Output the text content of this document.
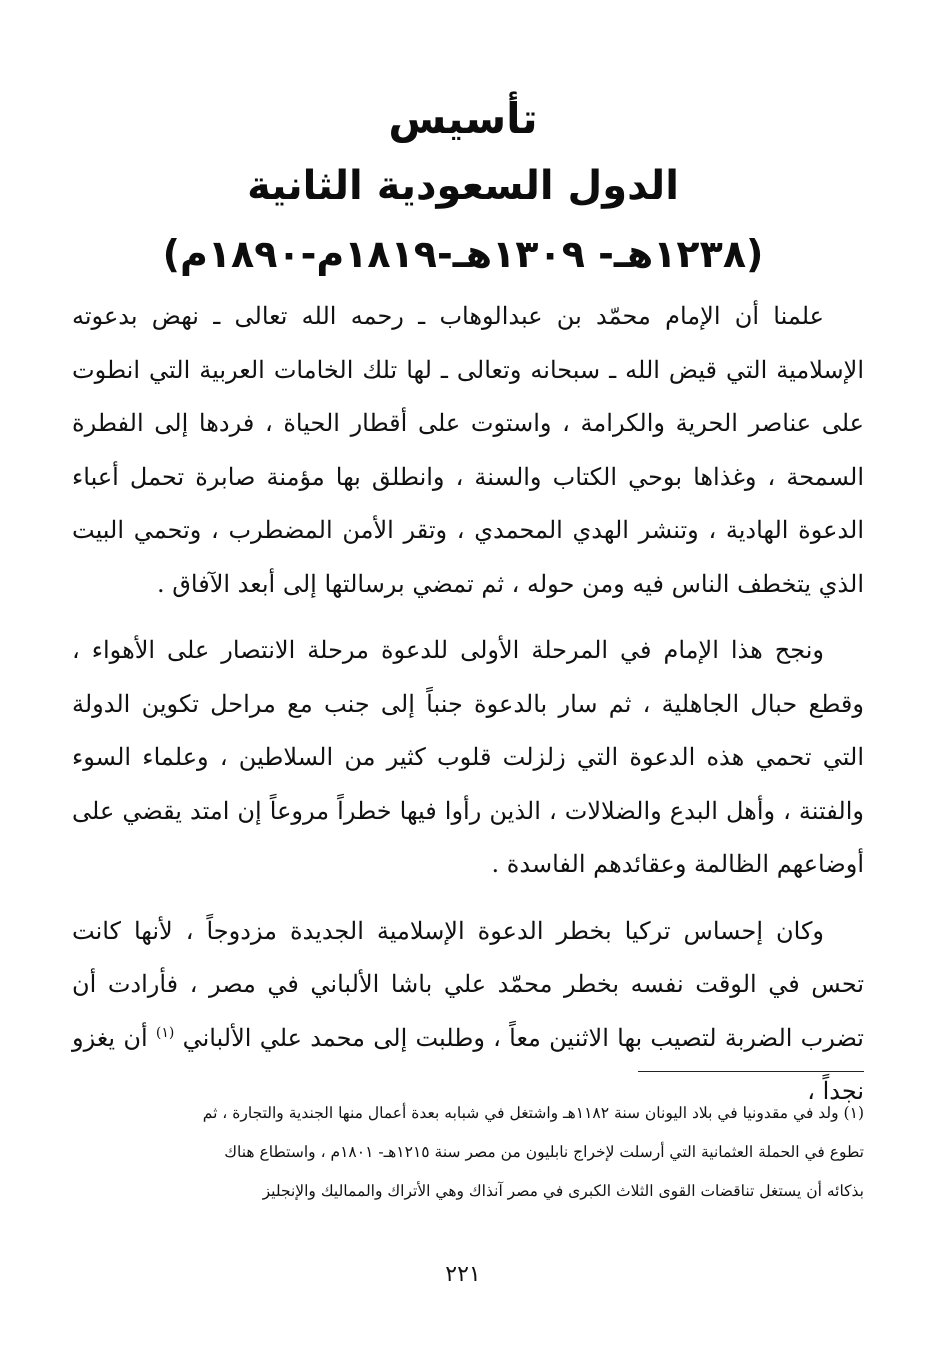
تأسيس

الدول السعودية الثانية

(١٢٣٨هـ- ١٣٠٩هـ-١٨١٩م-١٨٩٠م)

علمنا أن الإمام محمّد بن عبدالوهاب ـ رحمه الله تعالى ـ نهض بدعوته الإسلامية التي قيض الله ـ سبحانه وتعالى ـ لها تلك الخامات العربية التي انطوت على عناصر الحرية والكرامة ، واستوت على أقطار الحياة ، فردها إلى الفطرة السمحة ، وغذاها بوحي الكتاب والسنة ، وانطلق بها مؤمنة صابرة تحمل أعباء الدعوة الهادية ، وتنشر الهدي المحمدي ، وتقر الأمن المضطرب ، وتحمي البيت الذي يتخطف الناس فيه ومن حوله ، ثم تمضي برسالتها إلى أبعد الآفاق .

ونجح هذا الإمام في المرحلة الأولى للدعوة مرحلة الانتصار على الأهواء ، وقطع حبال الجاهلية ، ثم سار بالدعوة جنباً إلى جنب مع مراحل تكوين الدولة التي تحمي هذه الدعوة التي زلزلت قلوب كثير من السلاطين ، وعلماء السوء والفتنة ، وأهل البدع والضلالات ، الذين رأوا فيها خطراً مروعاً إن امتد يقضي على أوضاعهم الظالمة وعقائدهم الفاسدة .

وكان إحساس تركيا بخطر الدعوة الإسلامية الجديدة مزدوجاً ، لأنها كانت تحس في الوقت نفسه بخطر محمّد علي باشا الألباني في مصر ، فأرادت أن تضرب الضربة لتصيب بها الاثنين معاً ، وطلبت إلى محمد علي الألباني $^{(١)}$ أن يغزو نجداً ،

(١) ولد في مقدونيا في بلاد اليونان سنة ١١٨٢هـ واشتغل في شبابه بعدة أعمال منها الجندية والتجارة ، ثم

تطوع في الحملة العثمانية التي أرسلت لإخراج نابليون من مصر سنة ١٢١٥هـ- ١٨٠١م ، واستطاع هناك

بذكائه أن يستغل تناقضات القوى الثلاث الكبرى في مصر آنذاك وهي الأتراك والمماليك والإنجليز

٢٢١
